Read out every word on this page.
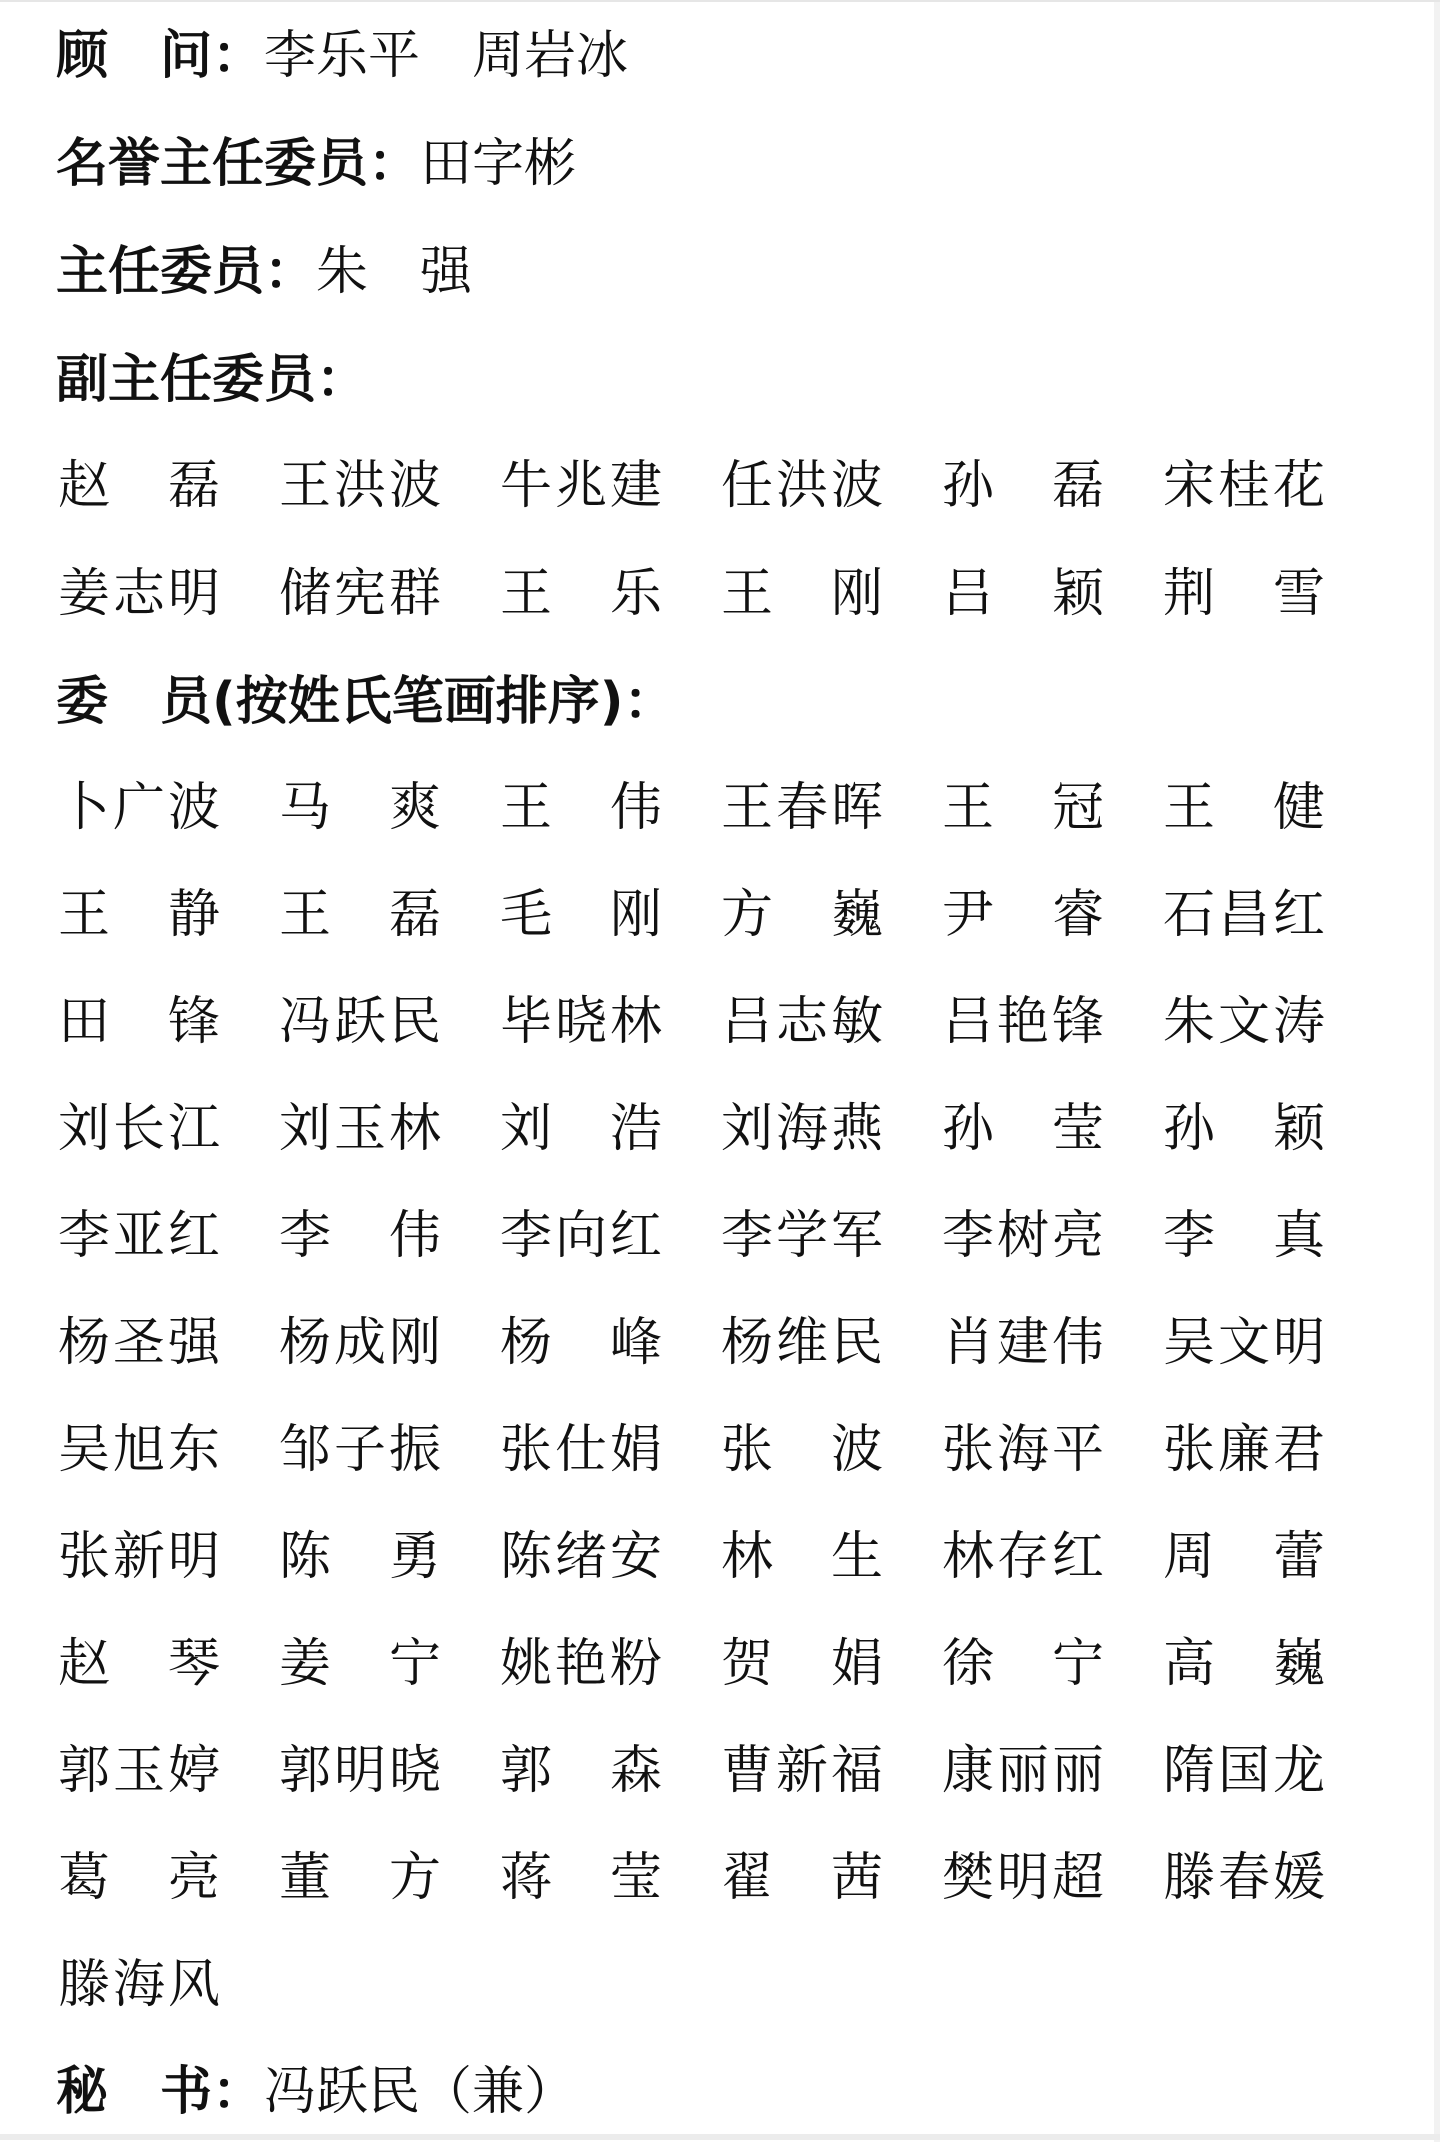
顾　问：李乐平　周岩冰
名誉主任委员：田字彬
主任委员：朱　强
副主任委员：
赵 磊 王 洪 波 牛 兆 建 任 洪 波 孙 磊 宋 桂 花
姜 志 明 储 宪 群 王 乐 王 刚 吕 颖 荆 雪
委　员(按姓氏笔画排序)：
卜 广 波 马 爽 王 伟 王 春 晖 王 冠 王 健
王 静 王 磊 毛 刚 方 巍 尹 睿 石 昌 红
田 锋 冯 跃 民 毕 晓 林 吕 志 敏 吕 艳 锋 朱 文 涛
刘 长 江 刘 玉 林 刘 浩 刘 海 燕 孙 莹 孙 颖
李 亚 红 李 伟 李 向 红 李 学 军 李 树 亮 李 真
杨 圣 强 杨 成 刚 杨 峰 杨 维 民 肖 建 伟 吴 文 明
吴 旭 东 邹 子 振 张 仕 娟 张 波 张 海 平 张 廉 君
张 新 明 陈 勇 陈 绪 安 林 生 林 存 红 周 蕾
赵 琴 姜 宁 姚 艳 粉 贺 娟 徐 宁 高 巍
郭 玉 婷 郭 明 晓 郭 森 曹 新 福 康 丽 丽 隋 国 龙
葛 亮 董 方 蒋 莹 翟 茜 樊 明 超 滕 春 媛
滕 海 风
秘　书：冯跃民（兼）
